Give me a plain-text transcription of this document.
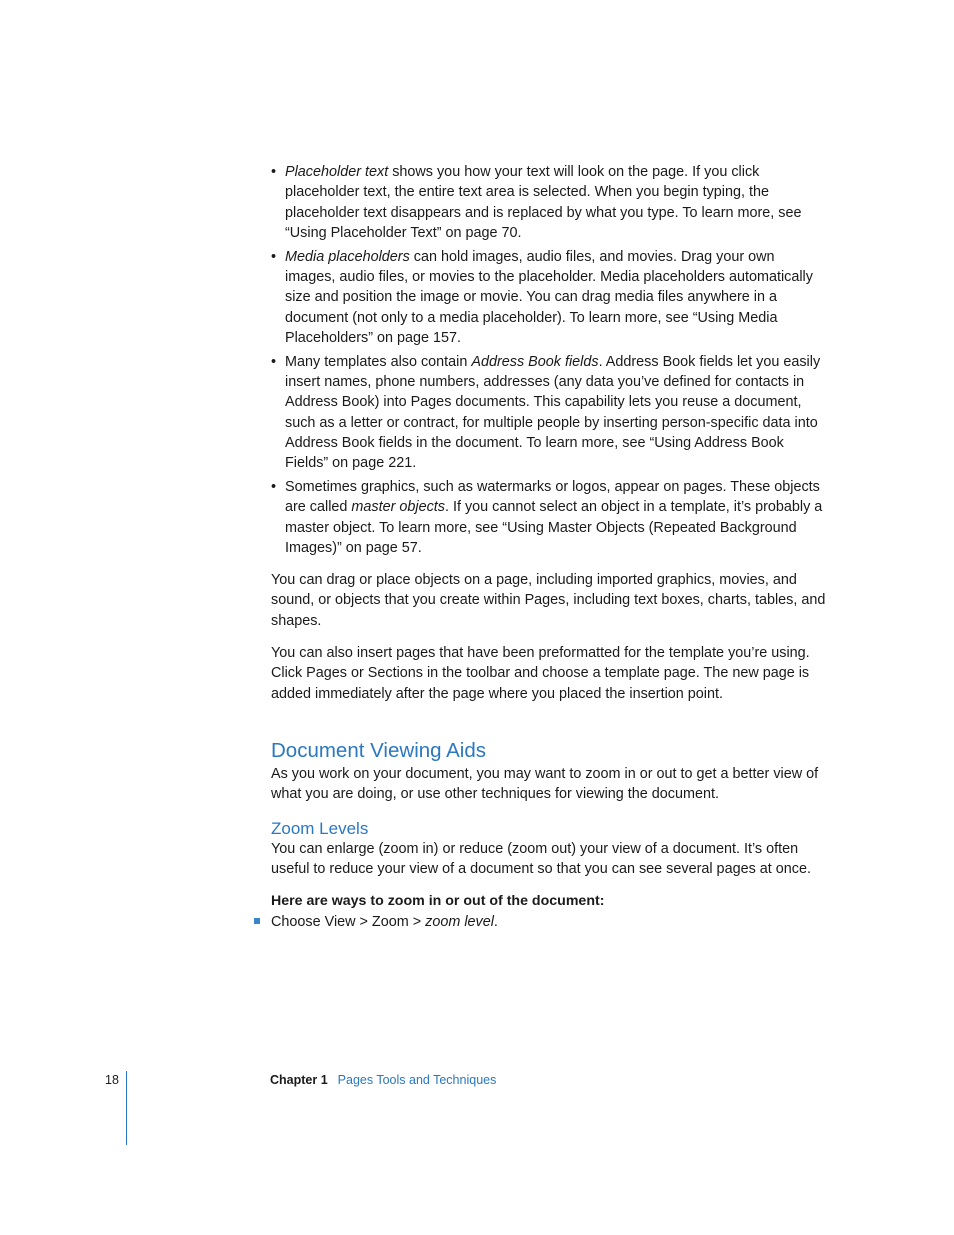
• Placeholder text shows you how your text will look on the page. If you click placeholder text, the entire text area is selected. When you begin typing, the placeholder text disappears and is replaced by what you type. To learn more, see “Using Placeholder Text” on page 70.
• Media placeholders can hold images, audio files, and movies. Drag your own images, audio files, or movies to the placeholder. Media placeholders automatically size and position the image or movie. You can drag media files anywhere in a document (not only to a media placeholder). To learn more, see “Using Media Placeholders” on page 157.
• Many templates also contain Address Book fields. Address Book fields let you easily insert names, phone numbers, addresses (any data you’ve defined for contacts in Address Book) into Pages documents. This capability lets you reuse a document, such as a letter or contract, for multiple people by inserting person-specific data into Address Book fields in the document. To learn more, see “Using Address Book Fields” on page 221.
• Sometimes graphics, such as watermarks or logos, appear on pages. These objects are called master objects. If you cannot select an object in a template, it’s probably a master object. To learn more, see “Using Master Objects (Repeated Background Images)” on page 57.

You can drag or place objects on a page, including imported graphics, movies, and sound, or objects that you create within Pages, including text boxes, charts, tables, and shapes.

You can also insert pages that have been preformatted for the template you’re using. Click Pages or Sections in the toolbar and choose a template page. The new page is added immediately after the page where you placed the insertion point.

Document Viewing Aids

As you work on your document, you may want to zoom in or out to get a better view of what you are doing, or use other techniques for viewing the document.

Zoom Levels

You can enlarge (zoom in) or reduce (zoom out) your view of a document. It’s often useful to reduce your view of a document so that you can see several pages at once.

Here are ways to zoom in or out of the document:

Choose View > Zoom > zoom level.

18	Chapter 1 Pages Tools and Techniques
